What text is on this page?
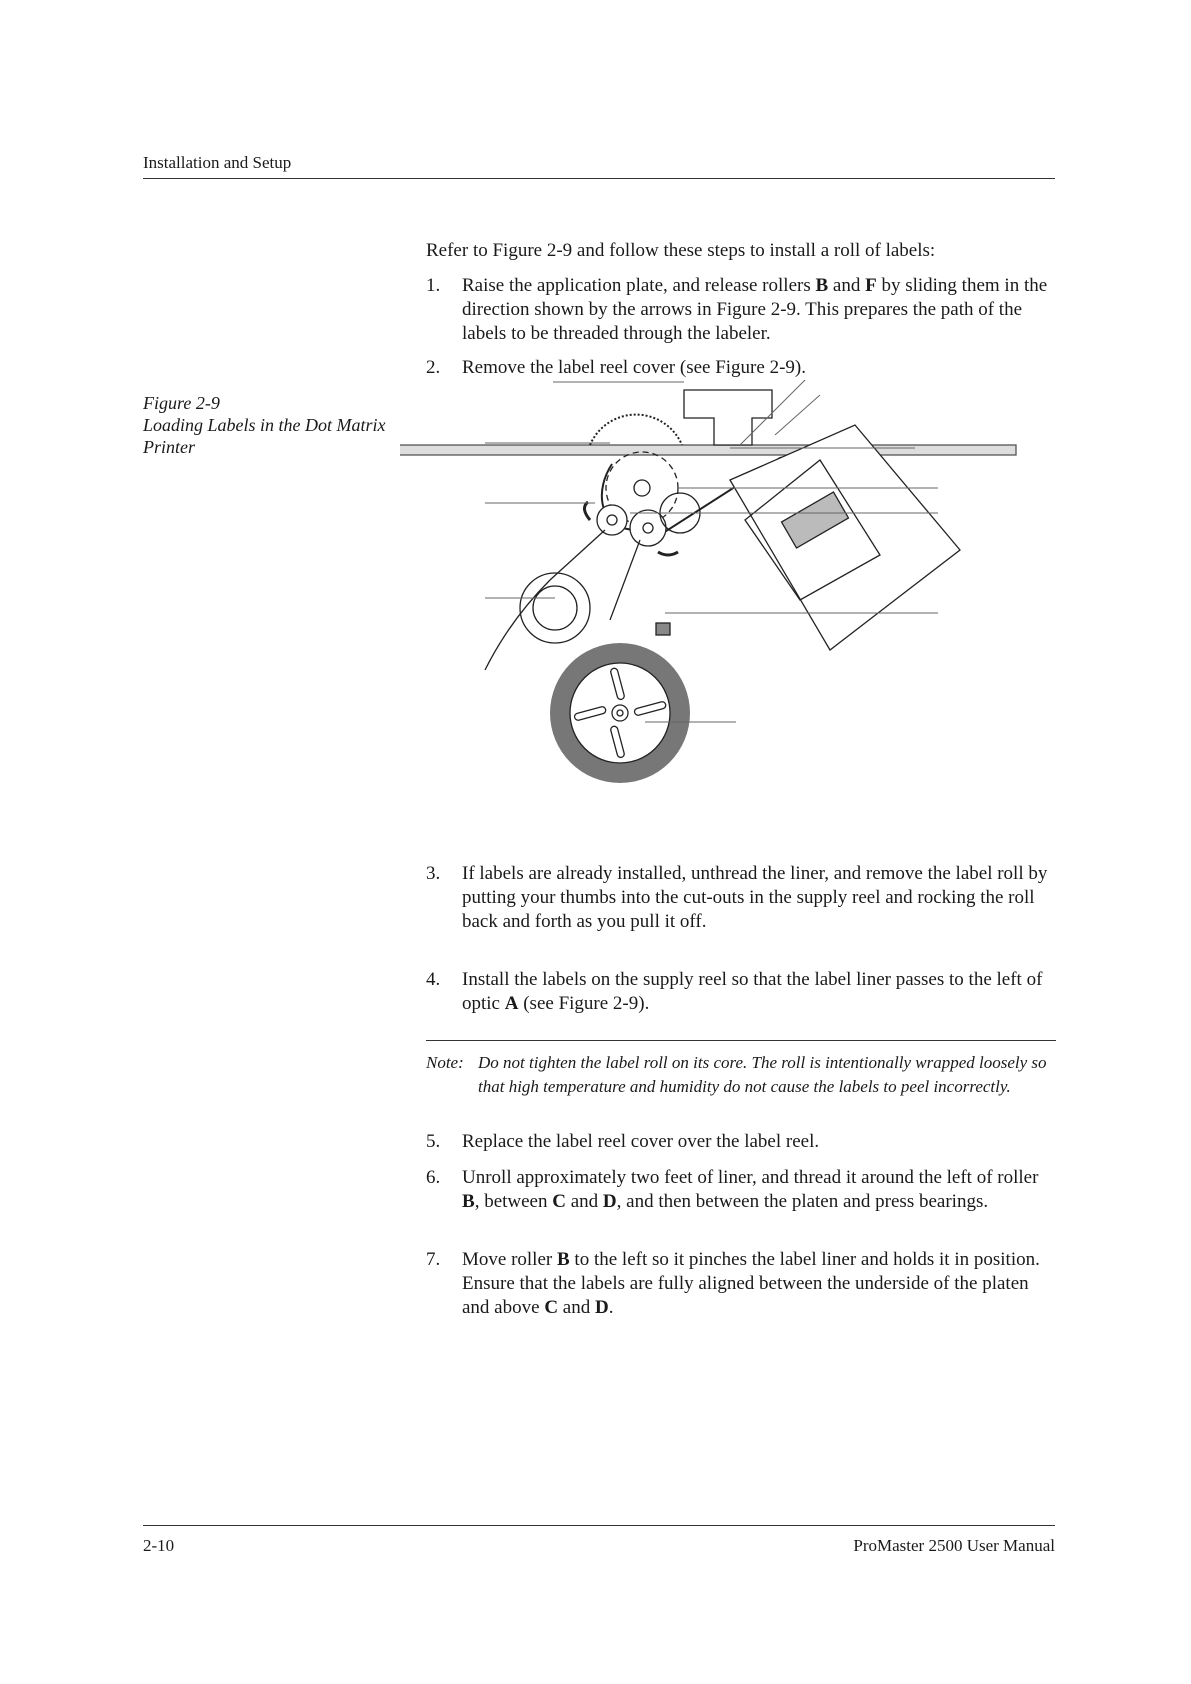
Installation and Setup
Figure 2-9
Loading Labels in the Dot Matrix Printer
Refer to Figure 2-9 and follow these steps to install a roll of labels:
1. Raise the application plate, and release rollers B and F by sliding them in the direction shown by the arrows in Figure 2-9. This prepares the path of the labels to be threaded through the labeler.
2. Remove the label reel cover (see Figure 2-9).
3. If labels are already installed, unthread the liner, and remove the label roll by putting your thumbs into the cut-outs in the supply reel and rocking the roll back and forth as you pull it off.
4. Install the labels on the supply reel so that the label liner passes to the left of optic A (see Figure 2-9).
Note: Do not tighten the label roll on its core. The roll is intentionally wrapped loosely so that high temperature and humidity do not cause the labels to peel incorrectly.
5. Replace the label reel cover over the label reel.
6. Unroll approximately two feet of liner, and thread it around the left of roller B, between C and D, and then between the platen and press bearings.
7. Move roller B to the left so it pinches the label liner and holds it in position. Ensure that the labels are fully aligned between the underside of the platen and above C and D.
2-10	ProMaster 2500 User Manual
